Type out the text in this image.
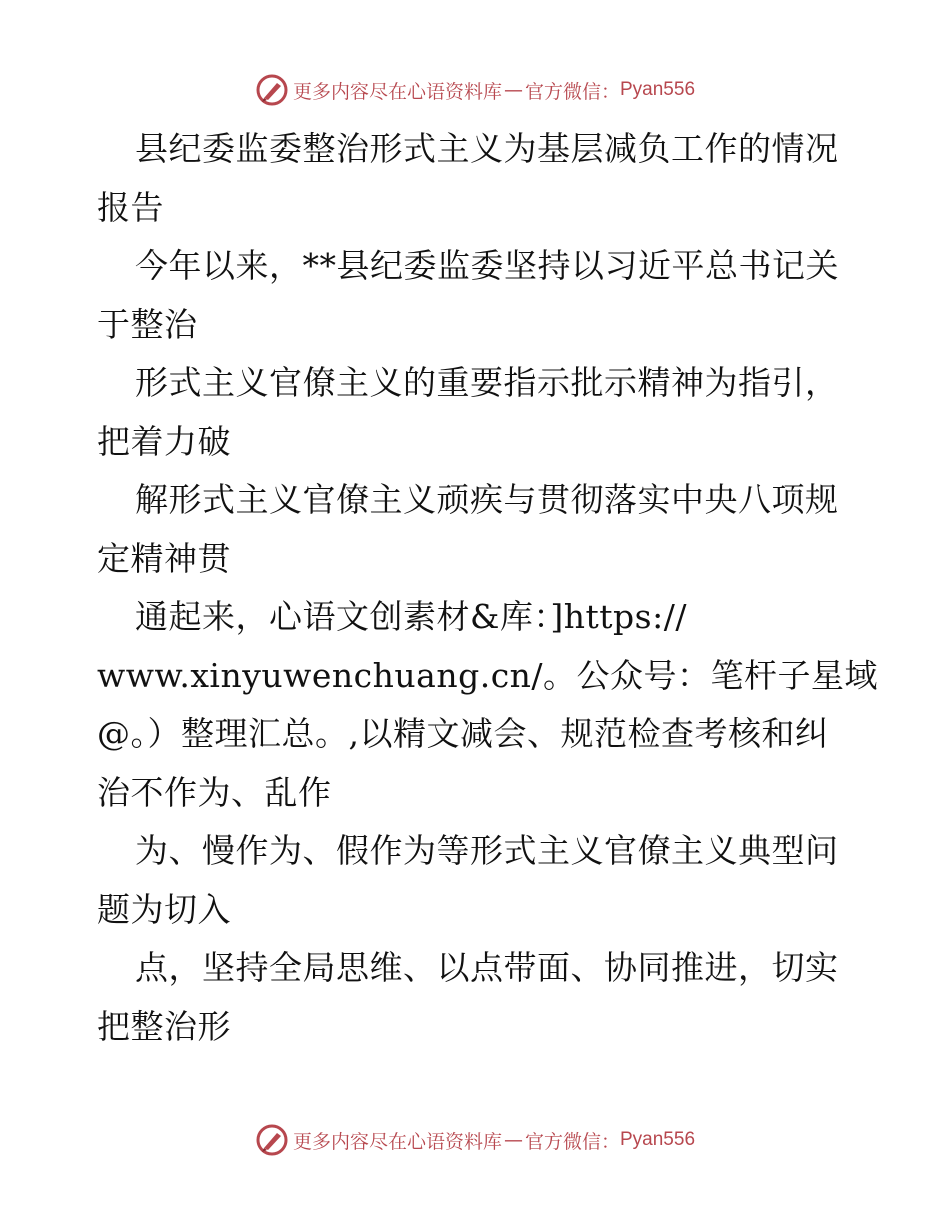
更多内容尽在心语资料库 — 官方微信： Pyan556
县纪委监委整治形式主义为基层减负工作的情况
报告
今年以来，**县纪委监委坚持以习近平总书记关
于整治
形式主义官僚主义的重要指示批示精神为指引，
把着力破
解形式主义官僚主义顽疾与贯彻落实中央八项规
定精神贯
通起来，心语文创素材&库：]https://
www.xinyuwenchuang.cn/。公众号：笔杆子星域
@。）整理汇总。,以精文减会、规范检查考核和纠
治不作为、乱作
为、慢作为、假作为等形式主义官僚主义典型问
题为切入
点，坚持全局思维、以点带面、协同推进，切实
把整治形
更多内容尽在心语资料库 — 官方微信： Pyan556
